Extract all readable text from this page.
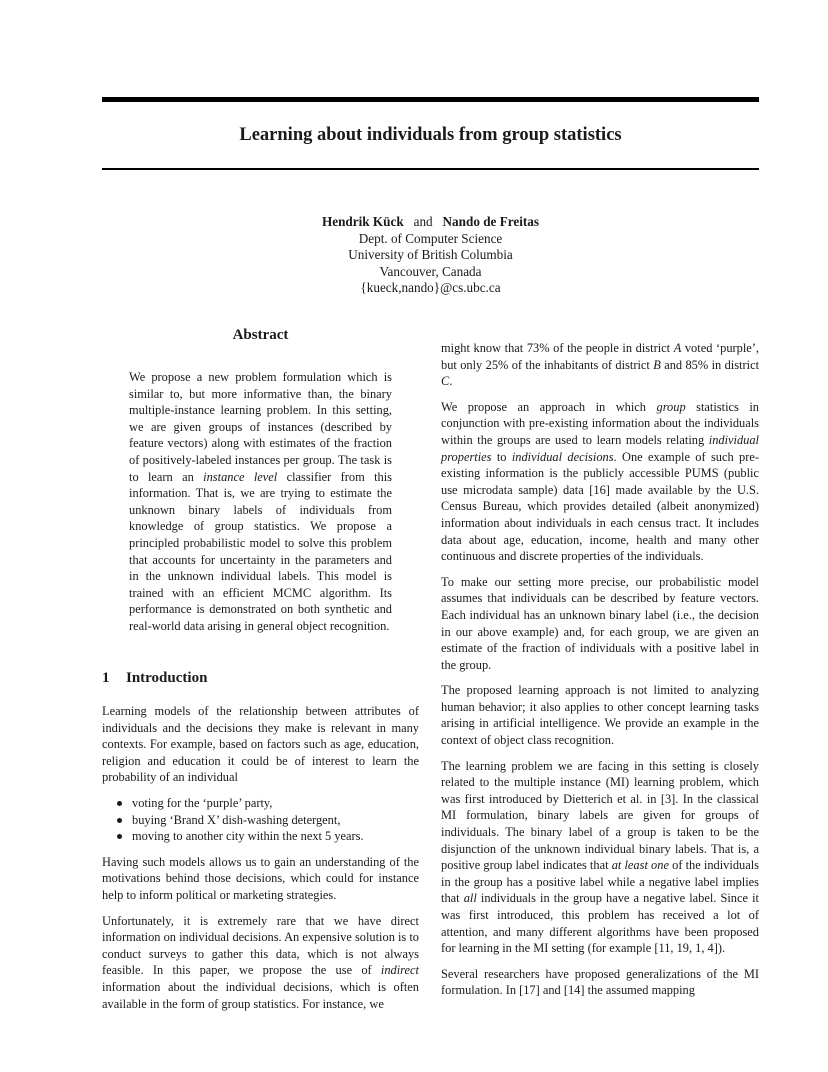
Learning about individuals from group statistics
Hendrik Kück and Nando de Freitas
Dept. of Computer Science
University of British Columbia
Vancouver, Canada
{kueck,nando}@cs.ubc.ca
Abstract

We propose a new problem formulation which is similar to, but more informative than, the binary multiple-instance learning problem. In this setting, we are given groups of instances (described by feature vectors) along with estimates of the fraction of positively-labeled instances per group. The task is to learn an instance level classifier from this information. That is, we are trying to estimate the unknown binary labels of individuals from knowledge of group statistics. We propose a principled probabilistic model to solve this problem that accounts for uncertainty in the parameters and in the unknown individual labels. This model is trained with an efficient MCMC algorithm. Its performance is demonstrated on both synthetic and real-world data arising in general object recognition.

1 Introduction

Learning models of the relationship between attributes of individuals and the decisions they make is relevant in many contexts. For example, based on factors such as age, education, religion and education it could be of interest to learn the probability of an individual

voting for the ‘purple’ party,
buying ‘Brand X’ dish-washing detergent,
moving to another city within the next 5 years.

Having such models allows us to gain an understanding of the motivations behind those decisions, which could for instance help to inform political or marketing strategies.

Unfortunately, it is extremely rare that we have direct information on individual decisions. An expensive solution is to conduct surveys to gather this data, which is not always feasible. In this paper, we propose the use of indirect information about the individual decisions, which is often available in the form of group statistics. For instance, we

might know that 73% of the people in district A voted ‘purple’, but only 25% of the inhabitants of district B and 85% in district C.

We propose an approach in which group statistics in conjunction with pre-existing information about the individuals within the groups are used to learn models relating individual properties to individual decisions. One example of such pre-existing information is the publicly accessible PUMS (public use microdata sample) data [16] made available by the U.S. Census Bureau, which provides detailed (albeit anonymized) information about individuals in each census tract. It includes data about age, education, income, health and many other continuous and discrete properties of the individuals.

To make our setting more precise, our probabilistic model assumes that individuals can be described by feature vectors. Each individual has an unknown binary label (i.e., the decision in our above example) and, for each group, we are given an estimate of the fraction of individuals with a positive label in the group.

The proposed learning approach is not limited to analyzing human behavior; it also applies to other concept learning tasks arising in artificial intelligence. We provide an example in the context of object class recognition.

The learning problem we are facing in this setting is closely related to the multiple instance (MI) learning problem, which was first introduced by Dietterich et al. in [3]. In the classical MI formulation, binary labels are given for groups of individuals. The binary label of a group is taken to be the disjunction of the unknown individual binary labels. That is, a positive group label indicates that at least one of the individuals in the group has a positive label while a negative label implies that all individuals in the group have a negative label. Since it was first introduced, this problem has received a lot of attention, and many different algorithms have been proposed for learning in the MI setting (for example [11, 19, 1, 4]).

Several researchers have proposed generalizations of the MI formulation. In [17] and [14] the assumed mapping
